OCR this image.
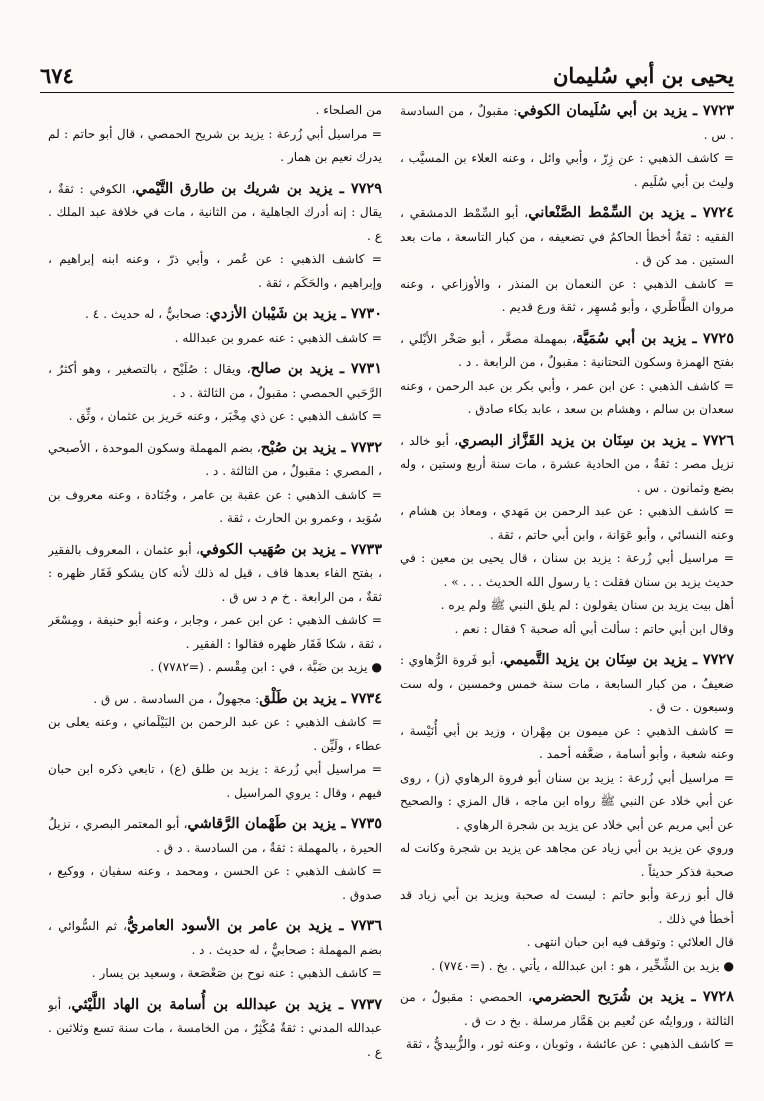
يحيى بن أبي سُليمان
٦٧٤

٧٧٢٣ ـ يزيد بن أبي سُلَيمان الكوفي: مقبولٌ ، من السادسة . س .

= كاشف الذهبي : عن زِرّ ، وأبي وائل ، وعنه العلاء بن المسيَّب ، وليث بن أبي سُلَيم .

٧٧٢٤ ـ يزيد بن السِّمْط الصَّنْعاني، أبو السِّمْط الدمشقي ، الفقيه : ثقةٌ أخطأ الحاكمُ في تضعيفه ، من كبار التاسعة ، مات بعد الستين . مد كن ق .

= كاشف الذهبي : عن النعمان بن المنذر ، والأوزاعي ، وعنه مروان الطَّاطَري ، وأبو مُسهِر ، ثقة ورع قديم .

٧٧٢٥ ـ يزيد بن أبي سُمَيَّة، بمهملة مصغَّر ، أبو صَخْر الأيْلي ، بفتح الهمزة وسكون التحتانية : مقبولٌ ، من الرابعة . د .

= كاشف الذهبي : عن ابن عمر ، وأبي بكر بن عبد الرحمن ، وعنه سعدان بن سالم ، وهشام بن سعد ، عابد بكاء صادق .

٧٧٢٦ ـ يزيد بن سِنَان بن يزيد القَزَّاز البصري، أبو خالد ، نزيل مصر : ثقةٌ ، من الحادية عشرة ، مات سنة أربع وستين ، وله بضع وثمانون . س .

= كاشف الذهبي : عن عبد الرحمن بن مَهدي ، ومعاذ بن هشام ، وعنه النسائي ، وأبو عَوَانة ، وابن أبي حاتم ، ثقة .

= مراسيل أبي زُرعة : يزيد بن سنان ، قال يحيى بن معين : في حديث يزيد بن سنان فقلت : يا رسول الله الحديث . . . » .

أهل بيت يزيد بن سنان يقولون : لم يلق النبي ﷺ ولم يره .

وقال ابن أبي حاتم : سألت أبي أله صحبة ؟ فقال : نعم .

٧٧٢٧ ـ يزيد بن سِنَان بن يزيد التَّميمي، أبو فَروة الرُّهاوي : ضعيفٌ ، من كبار السابعة ، مات سنة خمس وخمسين ، وله ست وسبعون . ت ق .

= كاشف الذهبي : عن ميمون بن مِهْران ، وزيد بن أبي أُنَيْسة ، وعنه شعبة ، وأبو أسامة ، ضعَّفه أحمد .

= مراسيل أبي زُرعة : يزيد بن سنان أبو فروة الرهاوي (ز) ، روى عن أبي خلاد عن النبي ﷺ رواه ابن ماجه ، قال المزي : والصحيح عن أبي مريم عن أبي خلاد عن يزيد بن شجرة الرهاوي .

وروي عن يزيد بن أبي زياد عن مجاهد عن يزيد بن شجرة وكانت له صحبة فذكر حديثاً .

قال أبو زرعة وأبو حاتم : ليست له صحبة ويزيد بن أبي زياد قد أخطأ في ذلك .

قال العلائي : وتوقف فيه ابن حبان انتهى .

● يزيد بن الشِّخِّير ، هو : ابن عبدالله ، يأتي . بخ . (=٧٧٤٠) .

٧٧٢٨ ـ يزيد بن شُرَيح الحضرمي، الحمصي : مقبولٌ ، من الثالثة ، وروايتُه عن نُعيم بن هَمَّار مرسلة . بخ د ت ق .

= كاشف الذهبي : عن عائشة ، وثوبان ، وعنه ثور ، والزُّبيديُّ ، ثقة

من الصلحاء .

= مراسيل أبي زُرعة : يزيد بن شريح الحمصي ، قال أبو حاتم : لم يدرك نعيم بن همار .

٧٧٢٩ ـ يزيد بن شريك بن طارق التَّيْمي، الكوفي : ثقةٌ ، يقال : إنه أدرك الجاهلية ، من الثانية ، مات في خلافة عبد الملك . ع .

= كاشف الذهبي : عن عُمر ، وأبي ذرّ ، وعنه ابنه إبراهيم ، وإبراهيم ، والحَكَم ، ثقة .

٧٧٣٠ ـ يزيد بن شَيْبان الأزدي: صحابيٌّ ، له حديث . ٤ .

= كاشف الذهبي : عنه عمرو بن عبدالله .

٧٧٣١ ـ يزيد بن صالح، ويقال : صُلَيْح ، بالتصغير ، وهو أكثرُ ، الرَّحَبي الحمصي : مقبولٌ ، من الثالثة . د .

= كاشف الذهبي : عن ذي مِخْبَر ، وعنه حَريز بن عثمان ، وثِّق .

٧٧٣٢ ـ يزيد بن صُبْح، بضم المهملة وسكون الموحدة ، الأصبحي ، المصري : مقبولٌ ، من الثالثة . د .

= كاشف الذهبي : عن عقبة بن عامر ، وجُنَادة ، وعنه معروف بن سُوَيد ، وعمرو بن الحارث ، ثقة .

٧٧٣٣ ـ يزيد بن صُهَيب الكوفي، أبو عثمان ، المعروف بالفقير ، بفتح الفاء بعدها قاف ، قيل له ذلك لأنه كان يشكو فَقَار ظهره : ثقةٌ ، من الرابعة . خ م د س ق .

= كاشف الذهبي : عن ابن عمر ، وجابر ، وعنه أبو حنيفة ، ومِسْعَر ، ثقة ، شكا فَقَار ظهره فقالوا : الفقير .

● يزيد بن ضَبَّة ، في : ابن مِقْسم . (=٧٧٨٢) .

٧٧٣٤ ـ يزيد بن طَلْق: مجهولٌ ، من السادسة . س ق .

= كاشف الذهبي : عن عبد الرحمن بن البَيْلَماني ، وعنه يعلى بن عطاء ، ولَيِّن .

= مراسيل أبي زُرعة : يزيد بن طلق (ع) ، تابعي ذكره ابن حبان فيهم ، وقال : يروي المراسيل .

٧٧٣٥ ـ يزيد بن طَهْمان الرَّقاشي، أبو المعتمر البصري ، نزيلُ الحيرة ، بالمهملة : ثقةٌ ، من السادسة . د ق .

= كاشف الذهبي : عن الحسن ، ومحمد ، وعنه سفيان ، ووكيع ، صدوق .

٧٧٣٦ ـ يزيد بن عامر بن الأسود العامريُّ، ثم السُّوائي ، بضم المهملة : صحابيٌّ ، له حديث . د .

= كاشف الذهبي : عنه نوح بن صَعْصَعة ، وسعيد بن يسار .

٧٧٣٧ ـ يزيد بن عبدالله بن أُسامة بن الهاد اللَّيْثي، أبو عبدالله المدني : ثقةٌ مُكْثِرٌ ، من الخامسة ، مات سنة تسع وثلاثين . ع .
